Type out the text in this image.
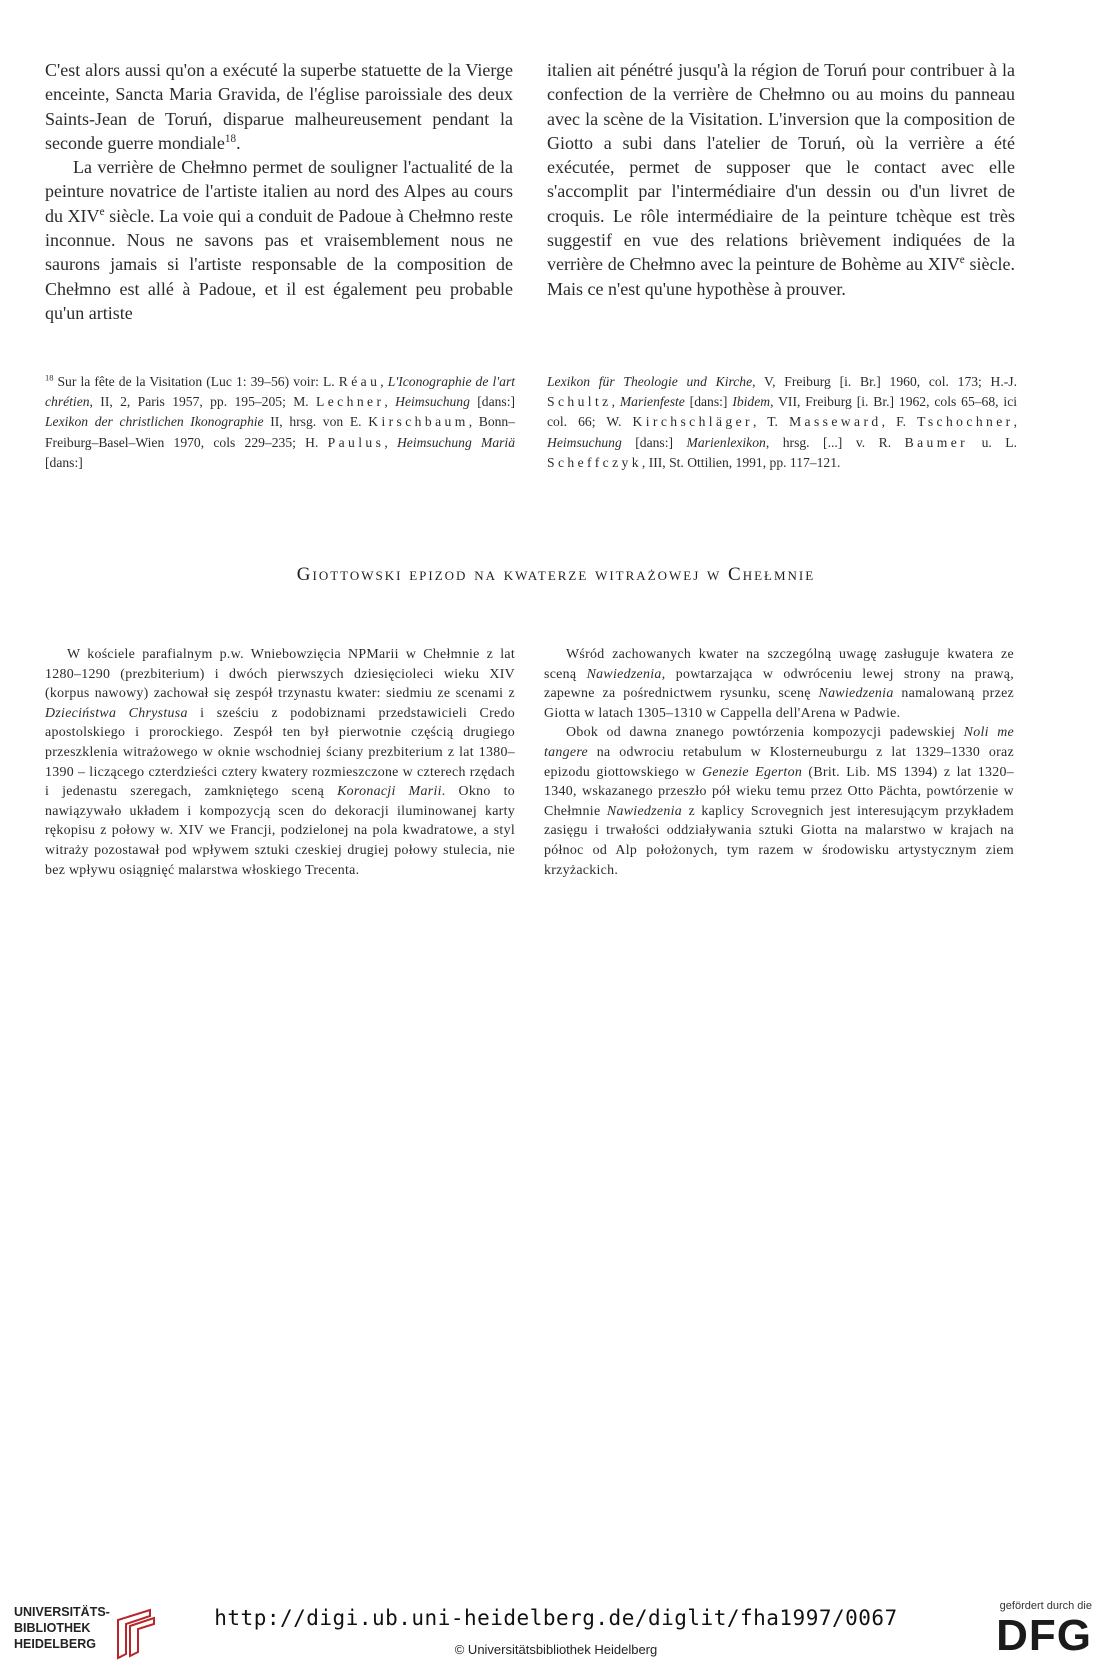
C'est alors aussi qu'on a exécuté la superbe statuette de la Vierge enceinte, Sancta Maria Gravida, de l'église paroissiale des deux Saints-Jean de Toruń, disparue malheureusement pendant la seconde guerre mondiale$^{18}$.

La verrière de Chełmno permet de souligner l'actualité de la peinture novatrice de l'artiste italien au nord des Alpes au cours du XIVe siècle. La voie qui a conduit de Padoue à Chełmno reste inconnue. Nous ne savons pas et vraisemblement nous ne saurons jamais si l'artiste responsable de la composition de Chełmno est allé à Padoue, et il est également peu probable qu'un artiste

italien ait pénétré jusqu'à la région de Toruń pour contribuer à la confection de la verrière de Chełmno ou au moins du panneau avec la scène de la Visitation. L'inversion que la composition de Giotto a subi dans l'atelier de Toruń, où la verrière a été exécutée, permet de supposer que le contact avec elle s'accomplit par l'intermédiaire d'un dessin ou d'un livret de croquis. Le rôle intermédiaire de la peinture tchèque est très suggestif en vue des relations brièvement indiquées de la verrière de Chełmno avec la peinture de Bohème au XIVe siècle. Mais ce n'est qu'une hypothèse à prouver.

$^{18}$ Sur la fête de la Visitation (Luc 1: 39–56) voir: L. Réau, L'Iconographie de l'art chrétien, II, 2, Paris 1957, pp. 195–205; M. Lechner, Heimsuchung [dans:] Lexikon der christlichen Ikonographie II, hrsg. von E. Kirschbaum, Bonn–Freiburg–Basel–Wien 1970, cols 229–235; H. Paulus, Heimsuchung Mariä [dans:]

Lexikon für Theologie und Kirche, V, Freiburg [i. Br.] 1960, col. 173; H.-J. Schultz, Marienfeste [dans:] Ibidem, VII, Freiburg [i. Br.] 1962, cols 65–68, ici col. 66; W. Kirchschläger, T. Masseward, F. Tschochner, Heimsuchung [dans:] Marienlexikon, hrsg. [...] v. R. Baumer u. L. Scheffczyk, III, St. Ottilien, 1991, pp. 117–121.

Giottowski epizod na kwaterze witrażowej w Chełmnie

W kościele parafialnym p.w. Wniebowzięcia NPMarii w Chełmnie z lat 1280–1290 (prezbiterium) i dwóch pierwszych dziesięcioleci wieku XIV (korpus nawowy) zachował się zespół trzynastu kwater: siedmiu ze scenami z Dzieciństwa Chrystusa i sześciu z podobiznami przedstawicieli Credo apostolskiego i prorockiego. Zespół ten był pierwotnie częścią drugiego przeszklenia witrażowego w oknie wschodniej ściany prezbiterium z lat 1380–1390 – liczącego czterdzieści cztery kwatery rozmieszczone w czterech rzędach i jedenastu szeregach, zamkniętego sceną Koronacji Marii. Okno to nawiązywało układem i kompozycją scen do dekoracji iluminowanej karty rękopisu z połowy w. XIV we Francji, podzielonej na pola kwadratowe, a styl witraży pozostawał pod wpływem sztuki czeskiej drugiej połowy stulecia, nie bez wpływu osiągnięć malarstwa włoskiego Trecenta.

Wśród zachowanych kwater na szczególną uwagę zasługuje kwatera ze sceną Nawiedzenia, powtarzająca w odwróceniu lewej strony na prawą, zapewne za pośrednictwem rysunku, scenę Nawiedzenia namalowaną przez Giotta w latach 1305–1310 w Cappella dell'Arena w Padwie.

Obok od dawna znanego powtórzenia kompozycji padewskiej Noli me tangere na odwrociu retabulum w Klosterneuburgu z lat 1329–1330 oraz epizodu giottowskiego w Genezie Egerton (Brit. Lib. MS 1394) z lat 1320–1340, wskazanego przeszło pół wieku temu przez Otto Pächta, powtórzenie w Chełmnie Nawiedzenia z kaplicy Scrovegnich jest interesującym przykładem zasięgu i trwałości oddziaływania sztuki Giotta na malarstwo w krajach na północ od Alp położonych, tym razem w środowisku artystycznym ziem krzyżackich.

UNIVERSITÄTS-
BIBLIOTHEK
HEIDELBERG
http://digi.ub.uni-heidelberg.de/diglit/fha1997/0067
© Universitätsbibliothek Heidelberg
gefördert durch die
DFG
